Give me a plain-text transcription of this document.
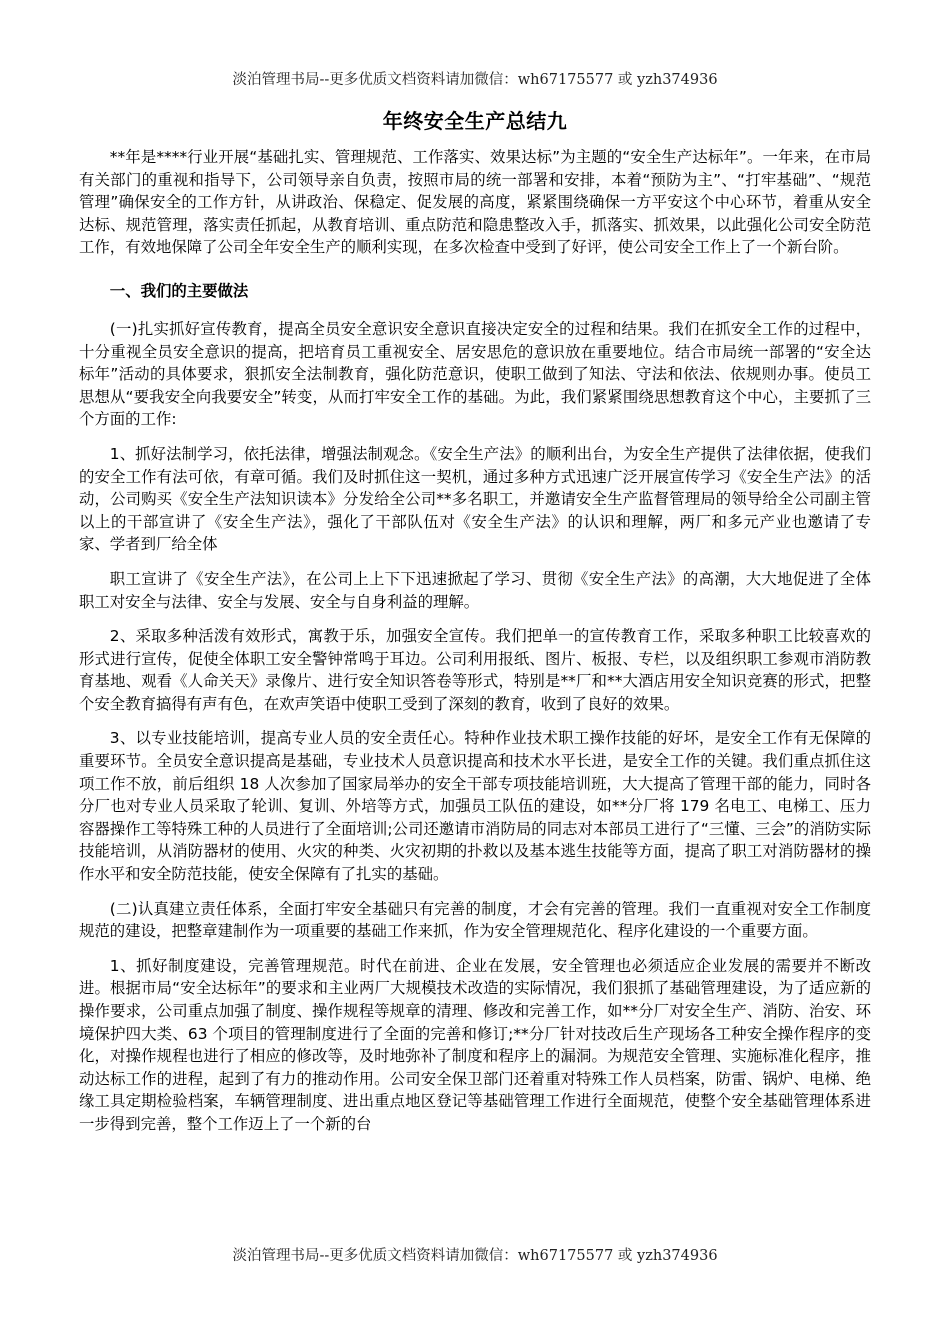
淡泊管理书局--更多优质文档资料请加微信：wh67175577 或 yzh374936
年终安全生产总结九

**年是****行业开展“基础扎实、管理规范、工作落实、效果达标”为主题的“安全生产达标年”。一年来，在市局有关部门的重视和指导下，公司领导亲自负责，按照市局的统一部署和安排，本着“预防为主”、“打牢基础”、“规范管理”确保安全的工作方针，从讲政治、保稳定、促发展的高度，紧紧围绕确保一方平安这个中心环节，着重从安全达标、规范管理，落实责任抓起，从教育培训、重点防范和隐患整改入手，抓落实、抓效果，以此强化公司安全防范工作，有效地保障了公司全年安全生产的顺利实现，在多次检查中受到了好评，使公司安全工作上了一个新台阶。

一、我们的主要做法

(一)扎实抓好宣传教育，提高全员安全意识安全意识直接决定安全的过程和结果。我们在抓安全工作的过程中，十分重视全员安全意识的提高，把培育员工重视安全、居安思危的意识放在重要地位。结合市局统一部署的“安全达标年”活动的具体要求，狠抓安全法制教育，强化防范意识，使职工做到了知法、守法和依法、依规则办事。使员工思想从“要我安全向我要安全”转变，从而打牢安全工作的基础。为此，我们紧紧围绕思想教育这个中心，主要抓了三个方面的工作:

1、抓好法制学习，依托法律，增强法制观念。《安全生产法》的顺利出台，为安全生产提供了法律依据，使我们的安全工作有法可依，有章可循。我们及时抓住这一契机，通过多种方式迅速广泛开展宣传学习《安全生产法》的活动，公司购买《安全生产法知识读本》分发给全公司**多名职工，并邀请安全生产监督管理局的领导给全公司副主管以上的干部宣讲了《安全生产法》，强化了干部队伍对《安全生产法》的认识和理解，两厂和多元产业也邀请了专家、学者到厂给全体

职工宣讲了《安全生产法》，在公司上上下下迅速掀起了学习、贯彻《安全生产法》的高潮，大大地促进了全体职工对安全与法律、安全与发展、安全与自身利益的理解。

2、采取多种活泼有效形式，寓教于乐，加强安全宣传。我们把单一的宣传教育工作，采取多种职工比较喜欢的形式进行宣传，促使全体职工安全警钟常鸣于耳边。公司利用报纸、图片、板报、专栏，以及组织职工参观市消防教育基地、观看《人命关天》录像片、进行安全知识答卷等形式，特别是**厂和**大酒店用安全知识竞赛的形式，把整个安全教育搞得有声有色，在欢声笑语中使职工受到了深刻的教育，收到了良好的效果。

3、以专业技能培训，提高专业人员的安全责任心。特种作业技术职工操作技能的好坏，是安全工作有无保障的重要环节。全员安全意识提高是基础，专业技术人员意识提高和技术水平长进，是安全工作的关键。我们重点抓住这项工作不放，前后组织 18 人次参加了国家局举办的安全干部专项技能培训班，大大提高了管理干部的能力，同时各分厂也对专业人员采取了轮训、复训、外培等方式，加强员工队伍的建设，如**分厂将 179 名电工、电梯工、压力容器操作工等特殊工种的人员进行了全面培训;公司还邀请市消防局的同志对本部员工进行了“三懂、三会”的消防实际技能培训，从消防器材的使用、火灾的种类、火灾初期的扑救以及基本逃生技能等方面，提高了职工对消防器材的操作水平和安全防范技能，使安全保障有了扎实的基础。

(二)认真建立责任体系，全面打牢安全基础只有完善的制度，才会有完善的管理。我们一直重视对安全工作制度规范的建设，把整章建制作为一项重要的基础工作来抓，作为安全管理规范化、程序化建设的一个重要方面。

1、抓好制度建设，完善管理规范。时代在前进、企业在发展，安全管理也必须适应企业发展的需要并不断改进。根据市局“安全达标年”的要求和主业两厂大规模技术改造的实际情况，我们狠抓了基础管理建设，为了适应新的操作要求，公司重点加强了制度、操作规程等规章的清理、修改和完善工作，如**分厂对安全生产、消防、治安、环境保护四大类、63 个项目的管理制度进行了全面的完善和修订;**分厂针对技改后生产现场各工种安全操作程序的变化，对操作规程也进行了相应的修改等，及时地弥补了制度和程序上的漏洞。为规范安全管理、实施标准化程序，推动达标工作的进程，起到了有力的推动作用。公司安全保卫部门还着重对特殊工作人员档案，防雷、锅炉、电梯、绝缘工具定期检验档案，车辆管理制度、进出重点地区登记等基础管理工作进行全面规范，使整个安全基础管理体系进一步得到完善，整个工作迈上了一个新的台

淡泊管理书局--更多优质文档资料请加微信：wh67175577 或 yzh374936
